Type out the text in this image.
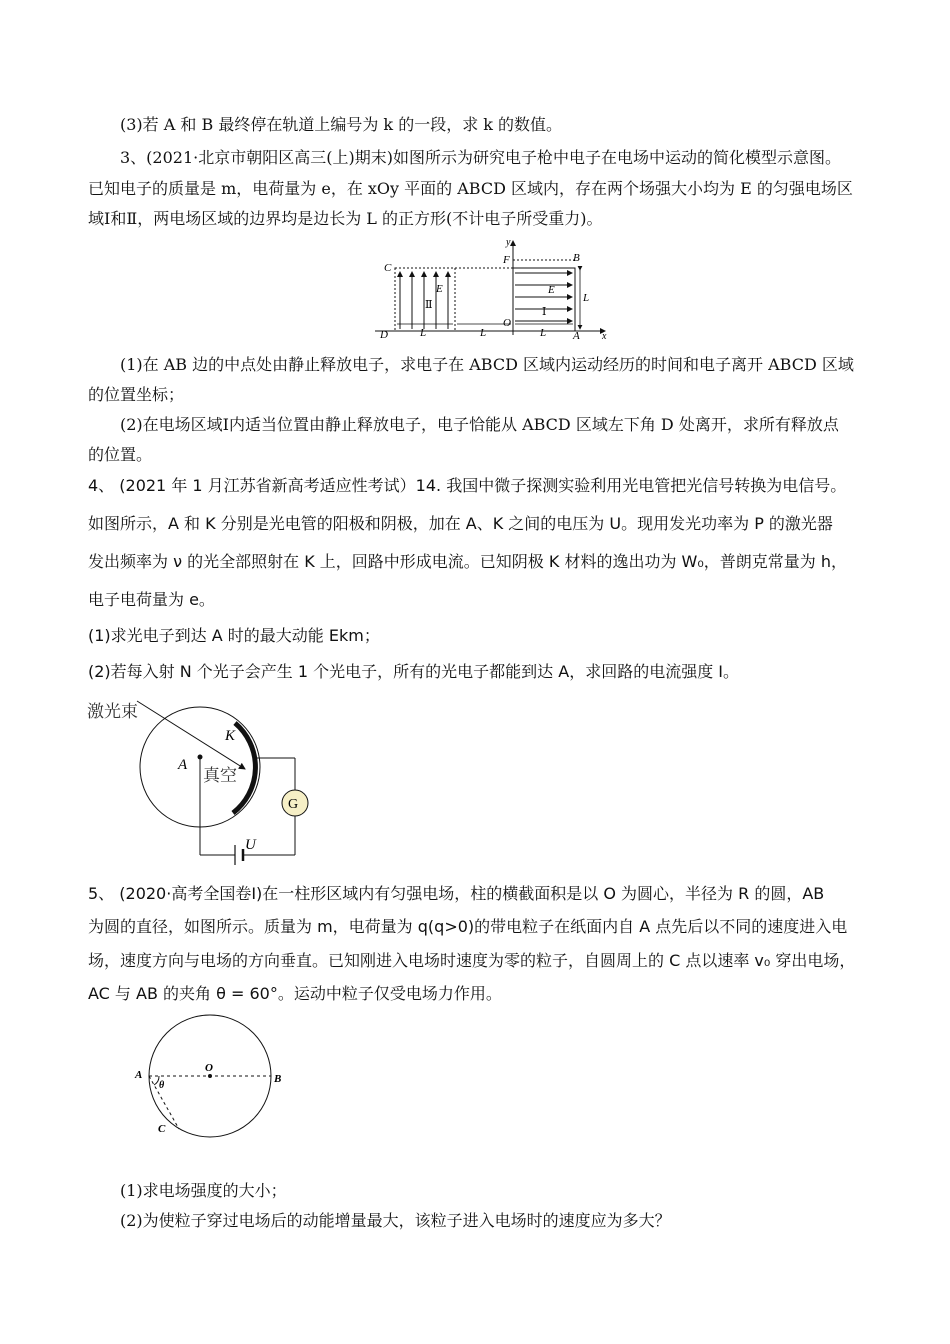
(3)若 A 和 B 最终停在轨道上编号为 k 的一段，求 k 的数值。
3、(2021·北京市朝阳区高三(上)期末)如图所示为研究电子枪中电子在电场中运动的简化模型示意图。
已知电子的质量是 m，电荷量为 e，在 xOy 平面的 ABCD 区域内，存在两个场强大小均为 E 的匀强电场区
域Ⅰ和Ⅱ，两电场区域的边界均是边长为 L 的正方形(不计电子所受重力)。
C
D
F	B
O
A x
y
E	E
Ⅱ
Ⅰ
L
L	L	L
(1)在 AB 边的中点处由静止释放电子，求电子在 ABCD 区域内运动经历的时间和电子离开 ABCD 区域
的位置坐标；
(2)在电场区域Ⅰ内适当位置由静止释放电子，电子恰能从 ABCD 区域左下角 D 处离开，求所有释放点
的位置。
4、 (2021 年 1 月江苏省新高考适应性考试）14. 我国中微子探测实验利用光电管把光信号转换为电信号。
如图所示，A 和 K 分别是光电管的阳极和阴极，加在 A、K 之间的电压为 U。现用发光功率为 P 的激光器
发出频率为 ν 的光全部照射在 K 上，回路中形成电流。已知阴极 K 材料的逸出功为 W₀，普朗克常量为 h，
电子电荷量为 e。
(1)求光电子到达 A 时的最大动能 Ekm；
(2)若每入射 N 个光子会产生 1 个光电子，所有的光电子都能到达 A，求回路的电流强度 I。
G
激光束
K
A
真空
U
5、 (2020·高考全国卷Ⅰ)在一柱形区域内有匀强电场，柱的横截面积是以 O 为圆心，半径为 R 的圆，AB
为圆的直径，如图所示。质量为 m，电荷量为 q(q>0)的带电粒子在纸面内自 A 点先后以不同的速度进入电
场，速度方向与电场的方向垂直。已知刚进入电场时速度为零的粒子，自圆周上的 C 点以速率 v₀ 穿出电场，
AC 与 AB 的夹角 θ = 60°。运动中粒子仅受电场力作用。
A
O
B
C
θ
(1)求电场强度的大小；
(2)为使粒子穿过电场后的动能增量最大，该粒子进入电场时的速度应为多大？
